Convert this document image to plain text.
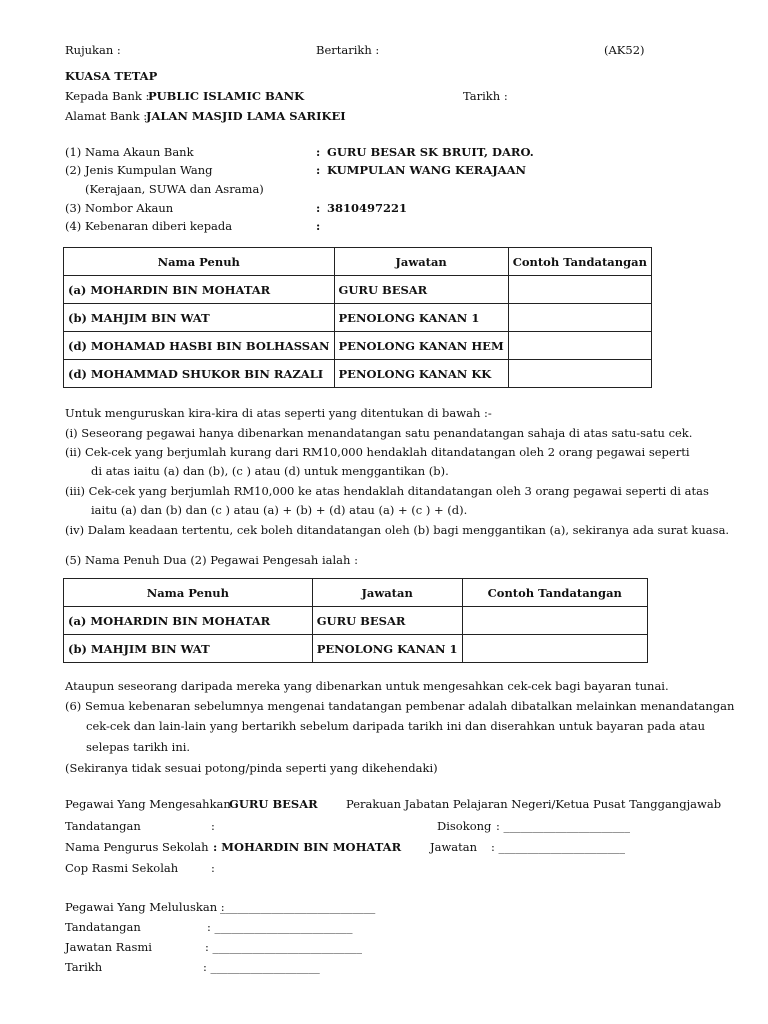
Rujukan :	Bertarikh :	(AK52)
KUASA TETAP
Kepada Bank :
PUBLIC ISLAMIC BANK	Tarikh :
Alamat Bank :
JALAN MASJID LAMA SARIKEI
(1) Nama Akaun Bank	: GURU BESAR SK BRUIT, DARO.
(2) Jenis Kumpulan Wang	: KUMPULAN WANG KERAJAAN
(Kerajaan, SUWA dan Asrama)
(3) Nombor Akaun	: 3810497221
(4) Kebenaran diberi kepada	:
Nama Penuh	Jawatan	Contoh Tandatangan
(a) MOHARDIN BIN MOHATAR	GURU BESAR	
(b) MAHJIM BIN WAT	PENOLONG KANAN 1	
(d) MOHAMAD HASBI BIN BOLHASSAN	PENOLONG KANAN HEM	
(d) MOHAMMAD SHUKOR BIN RAZALI	PENOLONG KANAN KK	
Untuk menguruskan kira-kira di atas seperti yang ditentukan di bawah :-
(i) Seseorang pegawai hanya dibenarkan menandatangan satu penandatangan sahaja di atas satu-satu cek.
(ii) Cek-cek yang berjumlah kurang dari RM10,000 hendaklah ditandatangan oleh 2 orang pegawai seperti
di atas iaitu (a) dan (b), (c ) atau (d) untuk menggantikan (b).
(iii) Cek-cek yang berjumlah RM10,000 ke atas hendaklah ditandatangan oleh 3 orang pegawai seperti di atas
iaitu (a) dan (b) dan (c ) atau (a) + (b) + (d) atau (a) + (c ) + (d).
(iv) Dalam keadaan tertentu, cek boleh ditandatangan oleh (b) bagi menggantikan (a), sekiranya ada surat kuasa.
(5) Nama Penuh Dua (2) Pegawai Pengesah ialah :
Nama Penuh	Jawatan	Contoh Tandatangan
(a) MOHARDIN BIN MOHATAR	GURU BESAR	
(b) MAHJIM BIN WAT	PENOLONG KANAN 1	
Ataupun seseorang daripada mereka yang dibenarkan untuk mengesahkan cek-cek bagi bayaran tunai.
(6) Semua kebenaran sebelumnya mengenai tandatangan pembenar adalah dibatalkan melainkan menandatangan
cek-cek dan lain-lain yang bertarikh sebelum daripada tarikh ini dan diserahkan untuk bayaran pada atau
selepas tarikh ini.
(Sekiranya tidak sesuai potong/pinda seperti yang dikehendaki)
Pegawai Yang Mengesahkan :
GURU BESAR Perakuan Jabatan Pelajaran Negeri/Ketua Pusat Tanggangjawab
Tandatangan	:	Disokong : ______________________
Nama Pengurus Sekolah : MOHARDIN BIN MOHATAR	Jawatan : ______________________
Cop Rasmi Sekolah	:
Pegawai Yang Meluluskan :
___________________________
Tandatangan	: ________________________
Jawatan Rasmi	: __________________________
Tarikh	: ___________________
